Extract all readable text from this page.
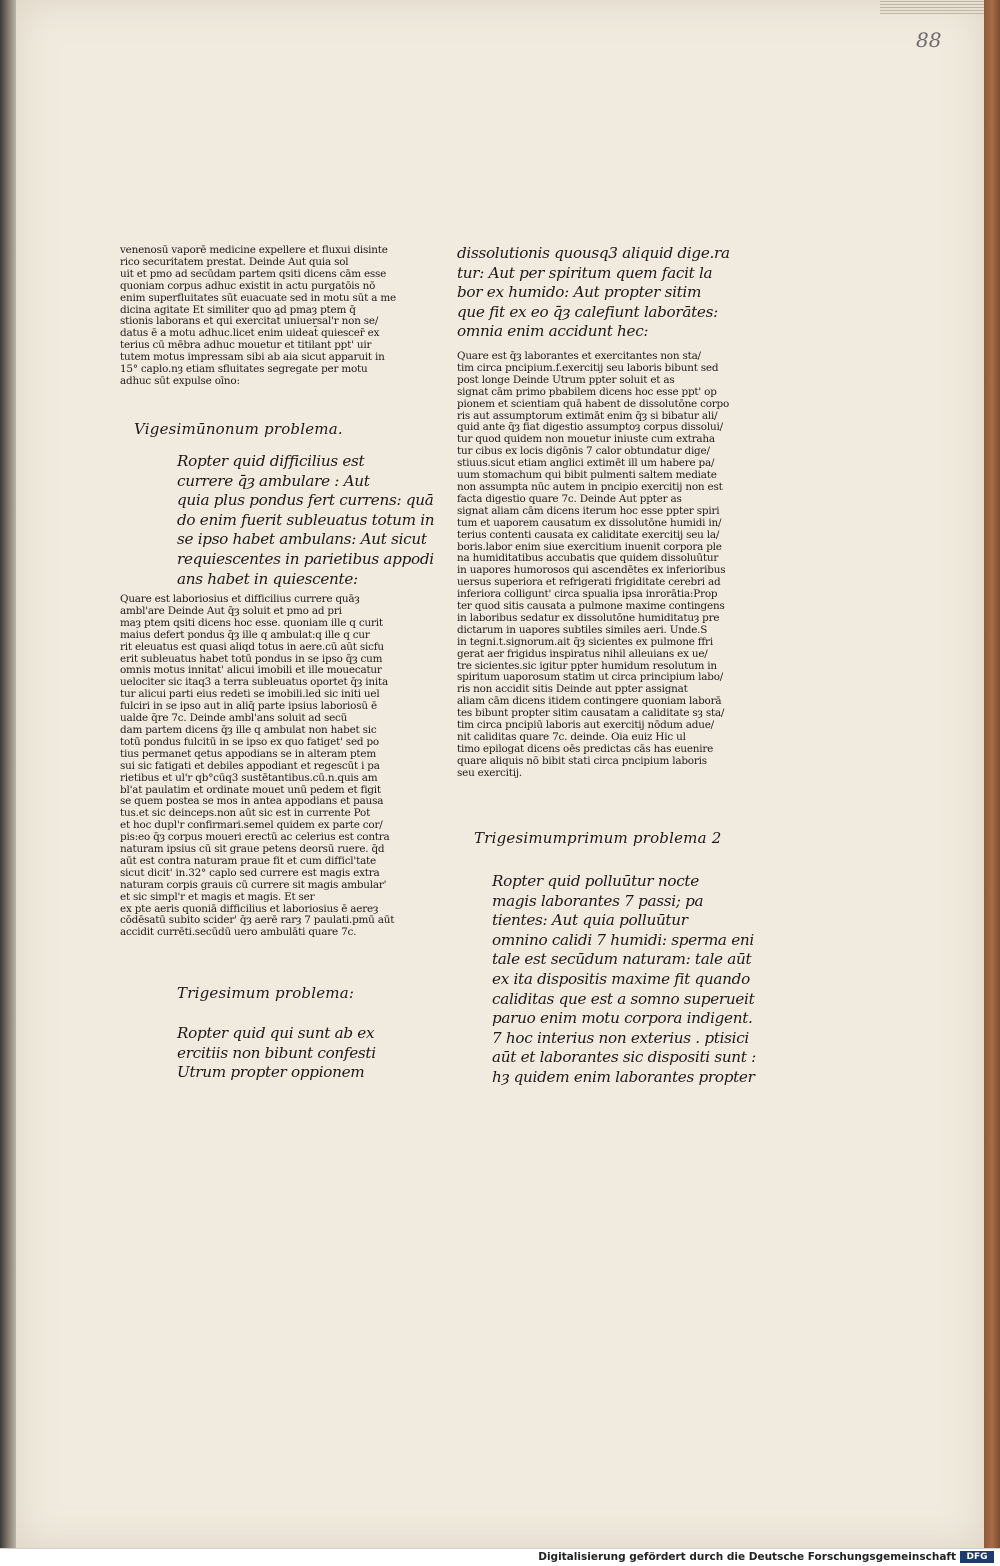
88
venenosū vaporē medicine expellere et fluxui disinte
rico securitatem prestat. Deinde Aut quia sol
uit et pmo ad secūdam partem qsiti dicens cām esse
quoniam corpus adhuc existit in actu purgatōis nō
enim superfluitates sūt euacuate sed in motu sūt a me
dicina agitate Et similiter quo ad pmaȝ ptem q̄
stionis laborans et qui exercitat̄ uniuersal'r non se/
datus ē a motu adhuc.licet enim uideat̄ quiescer̄ ex
terius cū mēbra adhuc mouetur et titilant ppt' uir
tutem motus impressam sibi ab aia sicut apparuit in
15° caplo.nȝ etiam sfluitates segregate per motu
adhuc sūt expulse oīno:
Vigesimūnonum problema.
Ropter quid difficilius est
currere q̄ȝ ambulare : Aut
quia plus pondus fert currens: quā
do enim fuerit subleuatus totum in
se ipso habet ambulans: Aut sicut
requiescentes in parietibus appodi
ans habet in quiescente:
Quare est laboriosius et difficilius currere quāȝ
ambl'are Deinde Aut q̄ȝ soluit et pmo ad pri
maȝ ptem qsiti dicens hoc esse. quoniam ille q curit
maius defert pondus q̄ȝ ille q ambulat:q ille q cur
rit eleuatus est quasi aliqd totus in aere.cū aūt sicfu
erit subleuatus habet totū pondus in se ipso q̄ȝ cum
omnis motus innitat' alicui imobili et ille mouecatur
uelociter sic itaq3 a terra subleuatus oportet q̄ȝ inita
tur alicui parti eius redeti se imobili.led sic initi uel
fulciri in se ipso aut in aliq̄ parte ipsius laboriosū ē
ualde q̄re 7c. Deinde ambl'ans soluit ad secū
dam partem dicens q̄ȝ ille q ambulat non habet sic
totū pondus fulcitū in se ipso ex quo fatiget' sed po
tius permanet qetus appodians se in alteram ptem
sui sic fatigati et debiles appodiant et regescūt i pa
rietibus et ul'r qb°cūq3 sustētantibus.cū.n.quis am
bl'at paulatim et ordinate mouet unū pedem et figit
se quem postea se mos in antea appodians et pausa
tus.et sic deinceps.non aūt sic est in currente Pot
et hoc dupl'r confirmari.semel quidem ex parte cor/
pis:eo q̄ȝ corpus moueri erectū ac celerius est contra
naturam ipsius cū sit graue petens deorsū ruere. q̄d
aūt est contra naturam praue fit et cum difficl'tate
sicut dicit' in.32° caplo sed currere est magis extra
naturam corpis grauis cū currere sit magis ambular'
et sic simpl'r et magis et magis. Et ser
ex pte aeris quoniā difficilius et laboriosius ē aereȝ
cōdēsatū subito scider' q̄ȝ aerē rarȝ 7 paulati.pmū aūt
accidit currēti.secūdū uero ambulāti quare 7c.
Trigesimum problema:
Ropter quid qui sunt ab ex
ercitiis non bibunt confesti
Utrum propter oppionem
dissolutionis quousq3 aliquid dige.ra
tur: Aut per spiritum quem facit la
bor ex humido: Aut propter sitim
que fit ex eo q̄ȝ calefiunt laborātes:
omnia enim accidunt hec:
Quare est q̄ȝ laborantes et exercitantes non sta/
tim circa pncipium.f.exercitij seu laboris bibunt sed
post longe Deinde Utrum ppter soluit et as
signat cām primo pbabilem dicens hoc esse ppt' op
pionem et scientiam quā habent de dissolutōne corpo
ris aut assumptorum extimāt enim q̄ȝ si bibatur ali/
quid ante q̄ȝ fiat digestio assumptoȝ corpus dissolui/
tur quod quidem non mouetur iniuste cum extraha
tur cibus ex locis digōnis 7 calor obtundatur dige/
stiuus.sicut etiam anglici extimēt ill um habere pa/
uum stomachum qui bibit pulmenti saltem mediate
non assumpta nūc autem in pncipio exercitij non est
facta digestio quare 7c. Deinde Aut ppter as
signat aliam cām dicens iterum hoc esse ppter spiri
tum et uaporem causatum ex dissolutōne humidi in/
terius contenti causata ex caliditate exercitij seu la/
boris.labor enim siue exercitium inuenit corpora ple
na humiditatibus accubatis que quidem dissoluūtur
in uapores humorosos qui ascendētes ex inferioribus
uersus superiora et refrigerati frigiditate cerebri ad
inferiora colligunt' circa spualia ipsa inrorātia:Prop
ter quod sitis causata a pulmone maxime contingens
in laboribus sedatur ex dissolutōne humiditatuȝ pre
dictarum in uapores subtiles similes aeri. Unde.S
in tegni.t.signorum.ait q̄ȝ sicientes ex pulmone ffri
gerat aer frigidus inspiratus nihil alleuians ex ue/
tre sicientes.sic igitur ppter humidum resolutum in
spiritum uaporosum statim ut circa principium labo/
ris non accidit sitis Deinde aut ppter assignat
aliam cām dicens itidem contingere quoniam laborā
tes bibunt propter sitim causatam a caliditate sȝ sta/
tim circa pncipiū laboris aut exercitij nōdum adue/
nit caliditas quare 7c. deinde. Oia euiz Hic ul
timo epilogat dicens oēs predictas cās has euenire
quare aliquis nō bibit stati circa pncipium laboris
seu exercitij.
Trigesimumprimum problema 2
Ropter quid polluūtur nocte
magis laborantes 7 passi; pa
tientes: Aut quia polluūtur
omnino calidi 7 humidi: sperma eni
tale est secūdum naturam: tale aūt
ex ita dispositis maxime fit quando
caliditas que est a somno superueit
paruo enim motu corpora indigent.
7 hoc interius non exterius . ptisici
aūt et laborantes sic dispositi sunt :
hȝ quidem enim laborantes propter
Digitalisierung gefördert durch die Deutsche Forschungsgemeinschaft	DFG
